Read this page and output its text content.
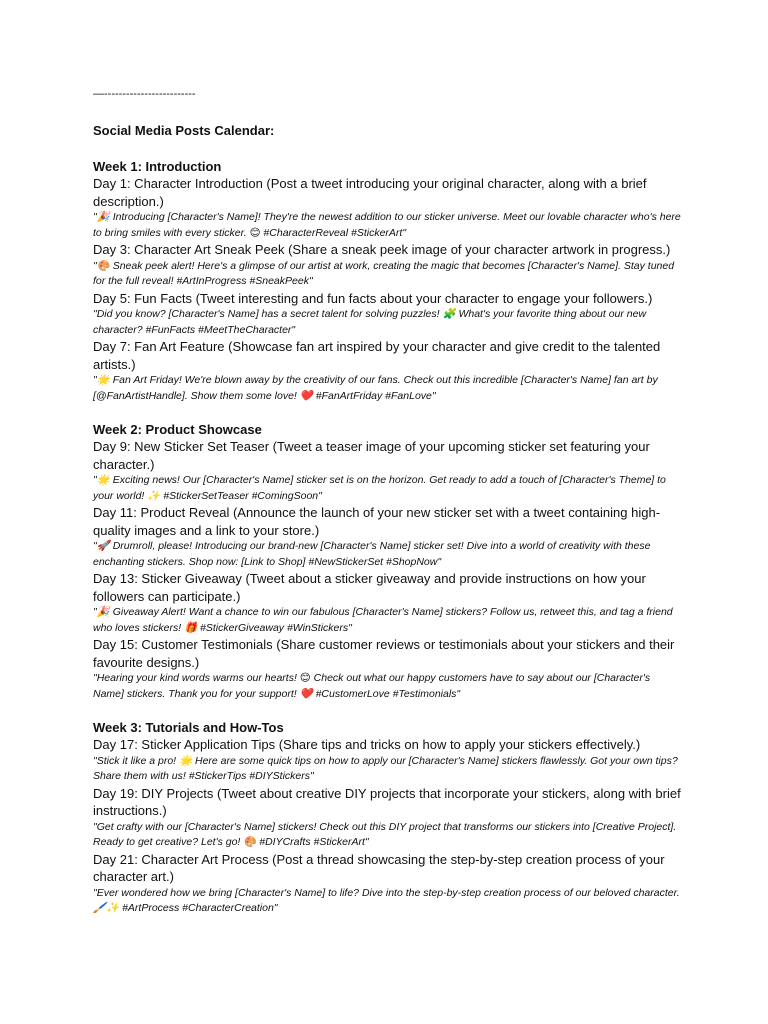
—-------------------------
Social Media Posts Calendar:
Week 1: Introduction
Day 1: Character Introduction (Post a tweet introducing your original character, along with a brief description.)
"🎉 Introducing [Character's Name]! They're the newest addition to our sticker universe. Meet our lovable character who's here to bring smiles with every sticker. 😊 #CharacterReveal #StickerArt"
Day 3: Character Art Sneak Peek (Share a sneak peek image of your character artwork in progress.)
"🎨 Sneak peek alert! Here's a glimpse of our artist at work, creating the magic that becomes [Character's Name]. Stay tuned for the full reveal! #ArtInProgress #SneakPeek"
Day 5: Fun Facts (Tweet interesting and fun facts about your character to engage your followers.)
"Did you know? [Character's Name] has a secret talent for solving puzzles! 🧩 What's your favorite thing about our new character? #FunFacts #MeetTheCharacter"
Day 7: Fan Art Feature (Showcase fan art inspired by your character and give credit to the talented artists.)
"🌟 Fan Art Friday! We're blown away by the creativity of our fans. Check out this incredible [Character's Name] fan art by [@FanArtistHandle]. Show them some love! ❤️ #FanArtFriday #FanLove"
Week 2: Product Showcase
Day 9: New Sticker Set Teaser (Tweet a teaser image of your upcoming sticker set featuring your character.)
"🌟 Exciting news! Our [Character's Name] sticker set is on the horizon. Get ready to add a touch of [Character's Theme] to your world! ✨ #StickerSetTeaser #ComingSoon"
Day 11: Product Reveal (Announce the launch of your new sticker set with a tweet containing high-quality images and a link to your store.)
"🚀 Drumroll, please! Introducing our brand-new [Character's Name] sticker set! Dive into a world of creativity with these enchanting stickers. Shop now: [Link to Shop] #NewStickerSet #ShopNow"
Day 13: Sticker Giveaway (Tweet about a sticker giveaway and provide instructions on how your followers can participate.)
"🎉 Giveaway Alert! Want a chance to win our fabulous [Character's Name] stickers? Follow us, retweet this, and tag a friend who loves stickers! 🎁 #StickerGiveaway #WinStickers"
Day 15: Customer Testimonials (Share customer reviews or testimonials about your stickers and their favourite designs.)
"Hearing your kind words warms our hearts! 😊 Check out what our happy customers have to say about our [Character's Name] stickers. Thank you for your support! ❤️ #CustomerLove #Testimonials"
Week 3: Tutorials and How-Tos
Day 17: Sticker Application Tips (Share tips and tricks on how to apply your stickers effectively.)
"Stick it like a pro! 🌟 Here are some quick tips on how to apply our [Character's Name] stickers flawlessly. Got your own tips? Share them with us! #StickerTips #DIYStickers"
Day 19: DIY Projects (Tweet about creative DIY projects that incorporate your stickers, along with brief instructions.)
"Get crafty with our [Character's Name] stickers! Check out this DIY project that transforms our stickers into [Creative Project]. Ready to get creative? Let's go! 🎨 #DIYCrafts #StickerArt"
Day 21: Character Art Process (Post a thread showcasing the step-by-step creation process of your character art.)
"Ever wondered how we bring [Character's Name] to life? Dive into the step-by-step creation process of our beloved character. 🖌️✨ #ArtProcess #CharacterCreation"
